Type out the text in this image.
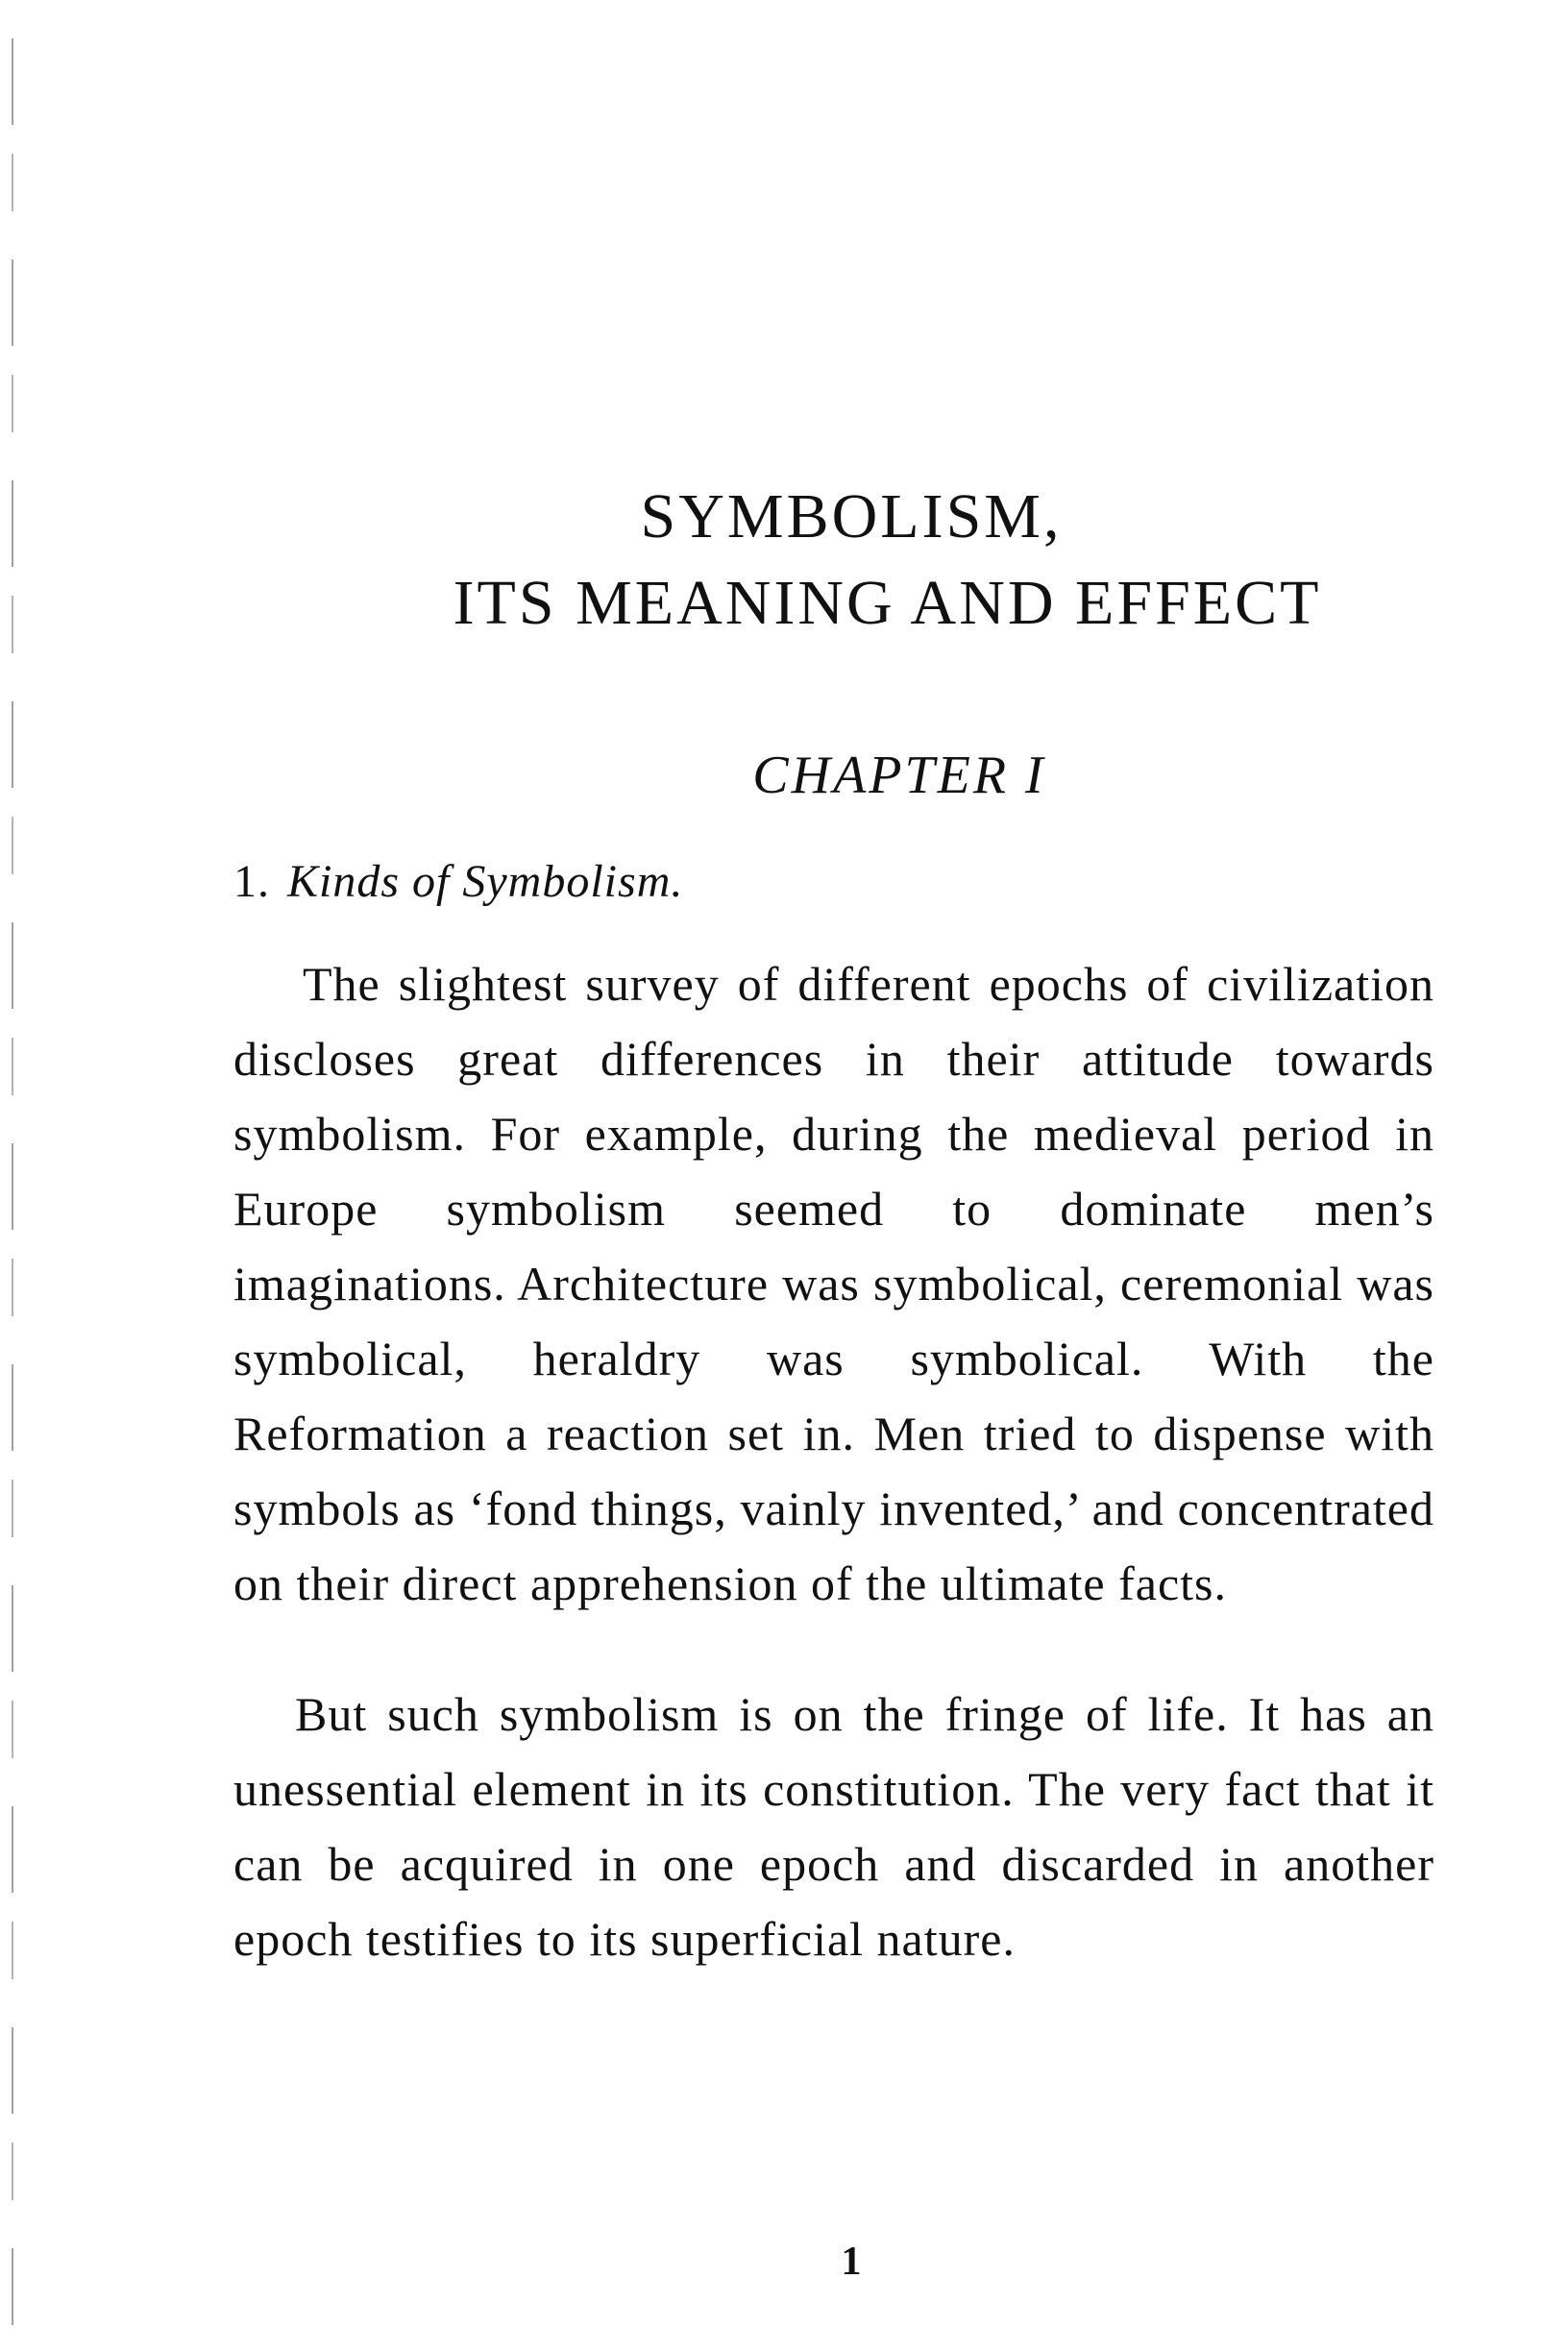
SYMBOLISM,
ITS MEANING AND EFFECT
CHAPTER I
1. Kinds of Symbolism.

The slightest survey of different epochs of civilization discloses great differences in their attitude towards symbolism. For example, during the medieval period in Europe symbolism seemed to dominate men’s imaginations. Architecture was symbolical, ceremonial was symbolical, heraldry was symbolical. With the Reformation a reaction set in. Men tried to dispense with symbols as ‘fond things, vainly invented,’ and concentrated on their direct apprehension of the ultimate facts.

But such symbolism is on the fringe of life. It has an unessential element in its constitution. The very fact that it can be acquired in one epoch and discarded in another epoch testifies to its superficial nature.

1
